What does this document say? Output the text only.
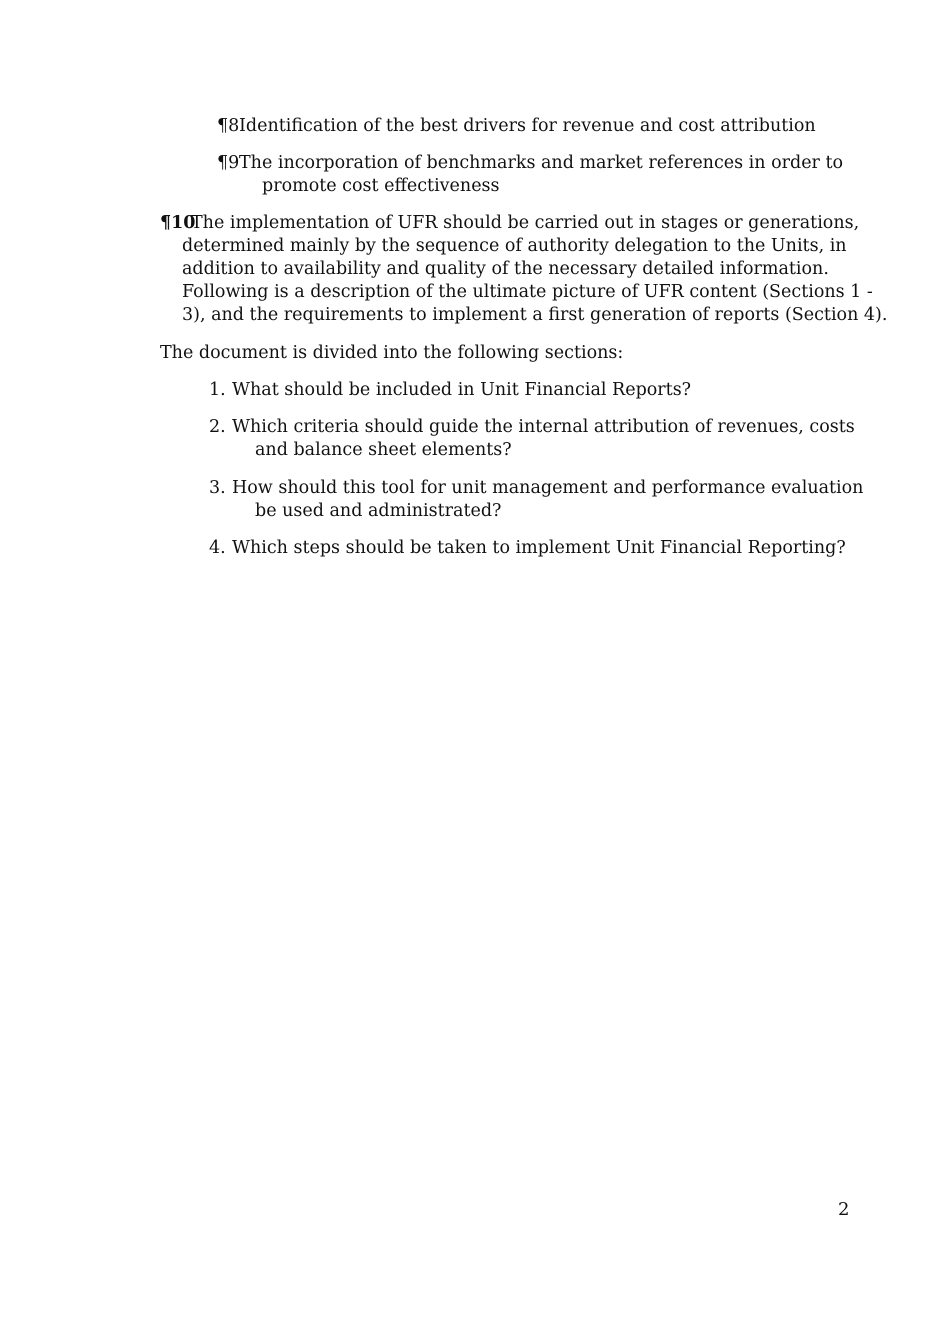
¶8Identification of the best drivers for revenue and cost attribution
¶9The incorporation of benchmarks and market references in order to
promote cost effectiveness
¶10The implementation of UFR should be carried out in stages or generations,
determined mainly by the sequence of authority delegation to the Units, in
addition to availability and quality of the necessary detailed information.
Following is a description of the ultimate picture of UFR content (Sections 1 -
3), and the requirements to implement a first generation of reports (Section 4).
The document is divided into the following sections:
1. What should be included in Unit Financial Reports?
2. Which criteria should guide the internal attribution of revenues, costs
and balance sheet elements?
3. How should this tool for unit management and performance evaluation
be used and administrated?
4. Which steps should be taken to implement Unit Financial Reporting?
2
